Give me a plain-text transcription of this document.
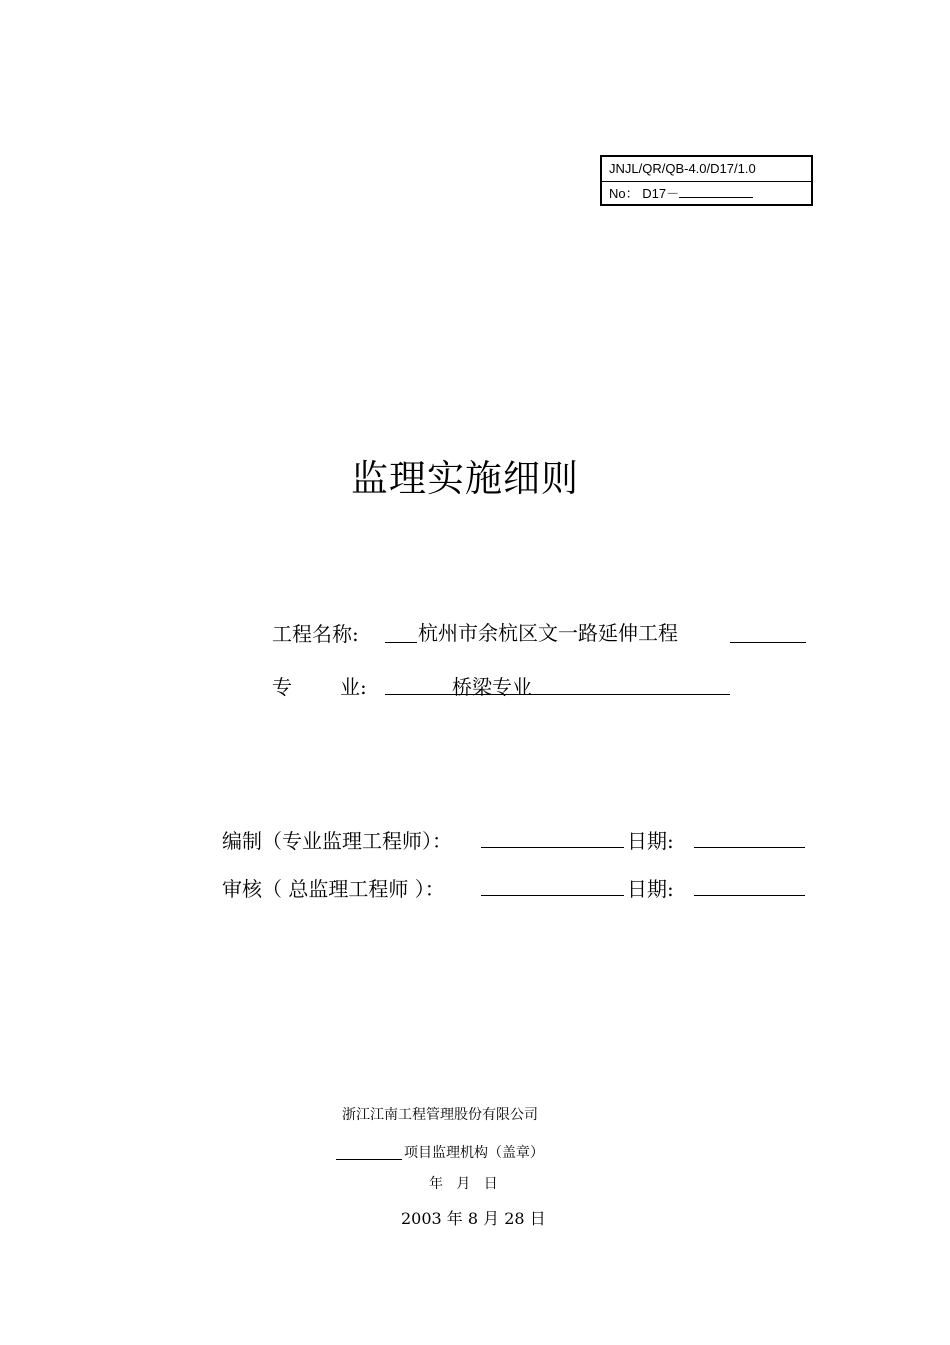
JNJL/QR/QB-4.0/D17/1.0
No： D17－
监理实施细则
工程名称:	杭州市余杭区文一路延伸工程
专 业:	桥梁专业
编制（专业监理工程师）：	日期:
审核（ 总监理工程师 ）：	日期:
浙江江南工程管理股份有限公司
项目监理机构（盖章）
年   月   日
2003 年 8 月 28 日
